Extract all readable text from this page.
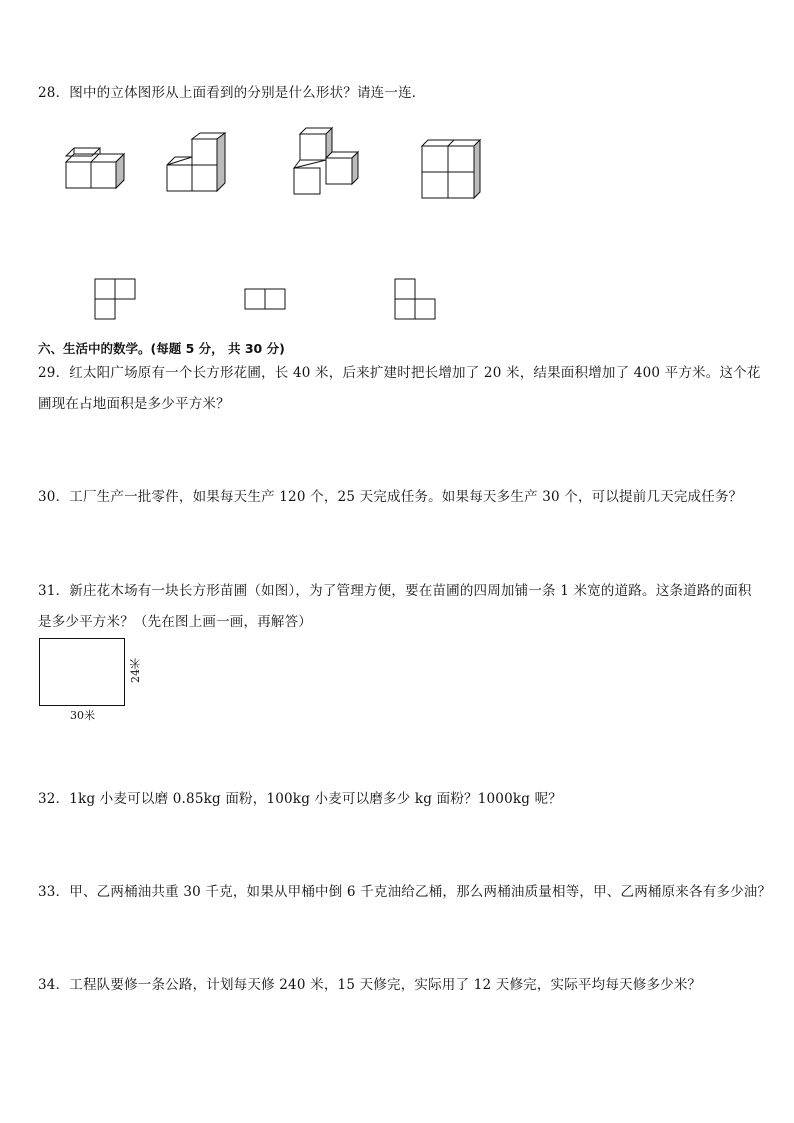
28．图中的立体图形从上面看到的分别是什么形状？请连一连．
六、生活中的数学。(每题 5 分， 共 30 分)
29．红太阳广场原有一个长方形花圃，长 40 米，后来扩建时把长增加了 20 米，结果面积增加了 400 平方米。这个花
圃现在占地面积是多少平方米？
30．工厂生产一批零件，如果每天生产 120 个，25 天完成任务。如果每天多生产 30 个，可以提前几天完成任务？
31．新庄花木场有一块长方形苗圃（如图），为了管理方便，要在苗圃的四周加铺一条 1 米宽的道路。这条道路的面积
是多少平方米？（先在图上画一画，再解答）
24米
30米
32．1kg 小麦可以磨 0.85kg 面粉，100kg 小麦可以磨多少 kg 面粉？1000kg 呢？
33．甲、乙两桶油共重 30 千克，如果从甲桶中倒 6 千克油给乙桶，那么两桶油质量相等，甲、乙两桶原来各有多少油？
34．工程队要修一条公路，计划每天修 240 米，15 天修完，实际用了 12 天修完，实际平均每天修多少米？
